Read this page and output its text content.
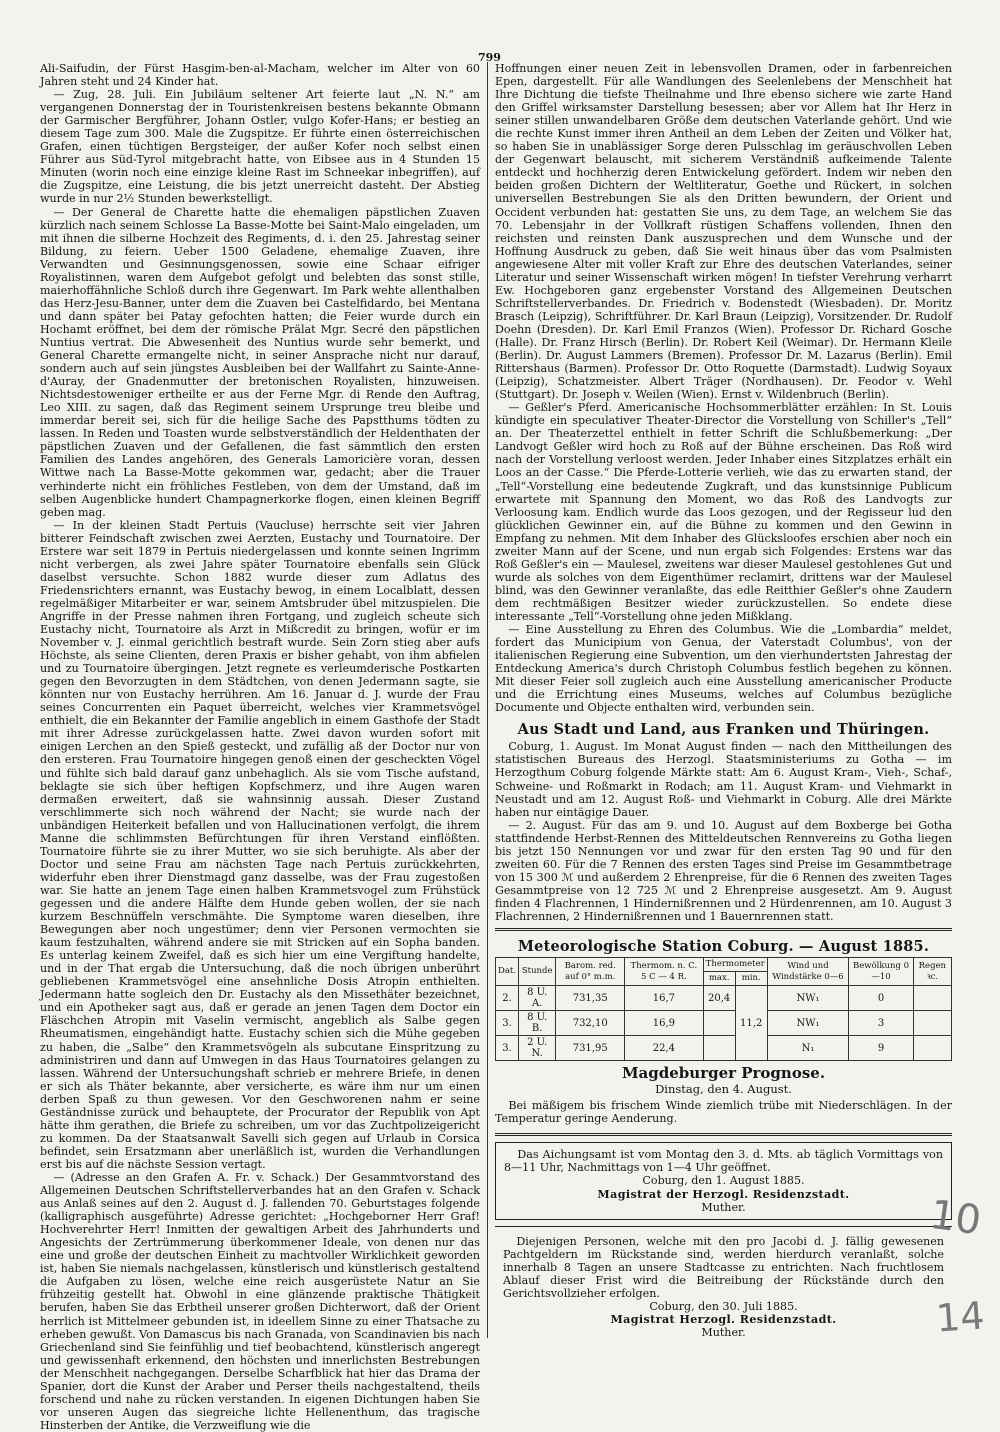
799

Ali-Saifudin, der Fürst Hasgim-ben-al-Macham, welcher im Alter von 60 Jahren steht und 24 Kinder hat.

— Zug, 28. Juli. Ein Jubiläum seltener Art feierte laut „N. N.“ am vergangenen Donnerstag der in Touristenkreisen bestens bekannte Obmann der Garmischer Bergführer, Johann Ostler, vulgo Kofer-Hans; er bestieg an diesem Tage zum 300. Male die Zugspitze. Er führte einen österreichischen Grafen, einen tüchtigen Bergsteiger, der außer Kofer noch selbst einen Führer aus Süd-Tyrol mitgebracht hatte, von Eibsee aus in 4 Stunden 15 Minuten (worin noch eine einzige kleine Rast im Schneekar inbegriffen), auf die Zugspitze, eine Leistung, die bis jetzt unerreicht dasteht. Der Abstieg wurde in nur 2½ Stunden bewerkstelligt.

— Der General de Charette hatte die ehemaligen päpstlichen Zuaven kürzlich nach seinem Schlosse La Basse-Motte bei Saint-Malo eingeladen, um mit ihnen die silberne Hochzeit des Regiments, d. i. den 25. Jahrestag seiner Bildung, zu feiern. Ueber 1500 Geladene, ehemalige Zuaven, ihre Verwandten und Gesinnungsgenossen, sowie eine Schaar eifriger Royalistinnen, waren dem Aufgebot gefolgt und belebten das sonst stille, maierhoffähnliche Schloß durch ihre Gegenwart. Im Park wehte allenthalben das Herz-Jesu-Banner, unter dem die Zuaven bei Castelfidardo, bei Mentana und dann später bei Patay gefochten hatten; die Feier wurde durch ein Hochamt eröffnet, bei dem der römische Prälat Mgr. Secré den päpstlichen Nuntius vertrat. Die Abwesenheit des Nuntius wurde sehr bemerkt, und General Charette ermangelte nicht, in seiner Ansprache nicht nur darauf, sondern auch auf sein jüngstes Ausbleiben bei der Wallfahrt zu Sainte-Anne-d'Auray, der Gnadenmutter der bretonischen Royalisten, hinzuweisen. Nichtsdestoweniger ertheilte er aus der Ferne Mgr. di Rende den Auftrag, Leo XIII. zu sagen, daß das Regiment seinem Ursprunge treu bleibe und immerdar bereit sei, sich für die heilige Sache des Papstthums tödten zu lassen. In Reden und Toasten wurde selbstverständlich der Heldenthaten der päpstlichen Zuaven und der Gefallenen, die fast sämmtlich den ersten Familien des Landes angehören, des Generals Lamoricière voran, dessen Wittwe nach La Basse-Motte gekommen war, gedacht; aber die Trauer verhinderte nicht ein fröhliches Festleben, von dem der Umstand, daß im selben Augenblicke hundert Champagnerkorke flogen, einen kleinen Begriff geben mag.

— In der kleinen Stadt Pertuis (Vaucluse) herrschte seit vier Jahren bitterer Feindschaft zwischen zwei Aerzten, Eustachy und Tournatoire. Der Erstere war seit 1879 in Pertuis niedergelassen und konnte seinen Ingrimm nicht verbergen, als zwei Jahre später Tournatoire ebenfalls sein Glück daselbst versuchte. Schon 1882 wurde dieser zum Adlatus des Friedensrichters ernannt, was Eustachy bewog, in einem Localblatt, dessen regelmäßiger Mitarbeiter er war, seinem Amtsbruder übel mitzuspielen. Die Angriffe in der Presse nahmen ihren Fortgang, und zugleich scheute sich Eustachy nicht, Tournatoire als Arzt in Mißcredit zu bringen, wofür er im November v. J. einmal gerichtlich bestraft wurde. Sein Zorn stieg aber aufs Höchste, als seine Clienten, deren Praxis er bisher gehabt, von ihm abfielen und zu Tournatoire übergingen. Jetzt regnete es verleumderische Postkarten gegen den Bevorzugten in dem Städtchen, von denen Jedermann sagte, sie könnten nur von Eustachy herrühren. Am 16. Januar d. J. wurde der Frau seines Concurrenten ein Paquet überreicht, welches vier Krammetsvögel enthielt, die ein Bekannter der Familie angeblich in einem Gasthofe der Stadt mit ihrer Adresse zurückgelassen hatte. Zwei davon wurden sofort mit einigen Lerchen an den Spieß gesteckt, und zufällig aß der Doctor nur von den ersteren. Frau Tournatoire hingegen genoß einen der gescheckten Vögel und fühlte sich bald darauf ganz unbehaglich. Als sie vom Tische aufstand, beklagte sie sich über heftigen Kopfschmerz, und ihre Augen waren dermaßen erweitert, daß sie wahnsinnig aussah. Dieser Zustand verschlimmerte sich noch während der Nacht; sie wurde nach der unbändigen Heiterkeit befallen und von Hallucinationen verfolgt, die ihrem Manne die schlimmsten Befürchtungen für ihren Verstand einflößten. Tournatoire führte sie zu ihrer Mutter, wo sie sich beruhigte. Als aber der Doctor und seine Frau am nächsten Tage nach Pertuis zurückkehrten, widerfuhr eben ihrer Dienstmagd ganz dasselbe, was der Frau zugestoßen war. Sie hatte an jenem Tage einen halben Krammetsvogel zum Frühstück gegessen und die andere Hälfte dem Hunde geben wollen, der sie nach kurzem Beschnüffeln verschmähte. Die Symptome waren dieselben, ihre Bewegungen aber noch ungestümer; denn vier Personen vermochten sie kaum festzuhalten, während andere sie mit Stricken auf ein Sopha banden. Es unterlag keinem Zweifel, daß es sich hier um eine Vergiftung handelte, und in der That ergab die Untersuchung, daß die noch übrigen unberührt gebliebenen Krammetsvögel eine ansehnliche Dosis Atropin enthielten. Jedermann hatte sogleich den Dr. Eustachy als den Missethäter bezeichnet, und ein Apotheker sagt aus, daß er gerade an jenen Tagen dem Doctor ein Fläschchen Atropin mit Vaselin vermischt, angeblich als Salbe gegen Rheumatismen, eingehändigt hatte. Eustachy schien sich die Mühe gegeben zu haben, die „Salbe“ den Krammetsvögeln als subcutane Einspritzung zu administriren und dann auf Umwegen in das Haus Tournatoires gelangen zu lassen. Während der Untersuchungshaft schrieb er mehrere Briefe, in denen er sich als Thäter bekannte, aber versicherte, es wäre ihm nur um einen derben Spaß zu thun gewesen. Vor den Geschworenen nahm er seine Geständnisse zurück und behauptete, der Procurator der Republik von Apt hätte ihm gerathen, die Briefe zu schreiben, um vor das Zuchtpolizeigericht zu kommen. Da der Staatsanwalt Savelli sich gegen auf Urlaub in Corsica befindet, sein Ersatzmann aber unerläßlich ist, wurden die Verhandlungen erst bis auf die nächste Session vertagt.

— (Adresse an den Grafen A. Fr. v. Schack.) Der Gesammtvorstand des Allgemeinen Deutschen Schriftstellerverbandes hat an den Grafen v. Schack aus Anlaß seines auf den 2. August d. J. fallenden 70. Geburtstages folgende (kalligraphisch ausgeführte) Adresse gerichtet: „Hochgeborner Herr Graf! Hochverehrter Herr! Inmitten der gewaltigen Arbeit des Jahrhunderts und Angesichts der Zertrümmerung überkommener Ideale, von denen nur das eine und große der deutschen Einheit zu machtvoller Wirklichkeit geworden ist, haben Sie niemals nachgelassen, künstlerisch und künstlerisch gestaltend die Aufgaben zu lösen, welche eine reich ausgerüstete Natur an Sie frühzeitig gestellt hat. Obwohl in eine glänzende praktische Thätigkeit berufen, haben Sie das Erbtheil unserer großen Dichterwort, daß der Orient herrlich ist Mittelmeer gebunden ist, in ideellem Sinne zu einer Thatsache zu erheben gewußt. Von Damascus bis nach Granada, von Scandinavien bis nach Griechenland sind Sie feinfühlig und tief beobachtend, künstlerisch angeregt und gewissenhaft erkennend, den höchsten und innerlichsten Bestrebungen der Menschheit nachgegangen. Derselbe Scharfblick hat hier das Drama der Spanier, dort die Kunst der Araber und Perser theils nachgestaltend, theils forschend und nahe zu rücken verstanden. In eigenen Dichtungen haben Sie vor unseren Augen das siegreiche lichte Hellenenthum, das tragische Hinsterben der Antike, die Verzweiflung wie die

Hoffnungen einer neuen Zeit in lebensvollen Dramen, oder in farbenreichen Epen, dargestellt. Für alle Wandlungen des Seelenlebens der Menschheit hat Ihre Dichtung die tiefste Theilnahme und Ihre ebenso sichere wie zarte Hand den Griffel wirksamster Darstellung besessen; aber vor Allem hat Ihr Herz in seiner stillen unwandelbaren Größe dem deutschen Vaterlande gehört. Und wie die rechte Kunst immer ihren Antheil an dem Leben der Zeiten und Völker hat, so haben Sie in unablässiger Sorge deren Pulsschlag im geräuschvollen Leben der Gegenwart belauscht, mit sicherem Verständniß aufkeimende Talente entdeckt und hochherzig deren Entwickelung gefördert. Indem wir neben den beiden großen Dichtern der Weltliteratur, Goethe und Rückert, in solchen universellen Bestrebungen Sie als den Dritten bewundern, der Orient und Occident verbunden hat: gestatten Sie uns, zu dem Tage, an welchem Sie das 70. Lebensjahr in der Vollkraft rüstigen Schaffens vollenden, Ihnen den reichsten und reinsten Dank auszusprechen und dem Wunsche und der Hoffnung Ausdruck zu geben, daß Sie weit hinaus über das vom Psalmisten angewiesene Alter mit voller Kraft zur Ehre des deutschen Vaterlandes, seiner Literatur und seiner Wissenschaft wirken mögen! In tiefster Verehrung verharrt Ew. Hochgeboren ganz ergebenster Vorstand des Allgemeinen Deutschen Schriftstellerverbandes. Dr. Friedrich v. Bodenstedt (Wiesbaden). Dr. Moritz Brasch (Leipzig), Schriftführer. Dr. Karl Braun (Leipzig), Vorsitzender. Dr. Rudolf Doehn (Dresden). Dr. Karl Emil Franzos (Wien). Professor Dr. Richard Gosche (Halle). Dr. Franz Hirsch (Berlin). Dr. Robert Keil (Weimar). Dr. Hermann Kleile (Berlin). Dr. August Lammers (Bremen). Professor Dr. M. Lazarus (Berlin). Emil Rittershaus (Barmen). Professor Dr. Otto Roquette (Darmstadt). Ludwig Soyaux (Leipzig), Schatzmeister. Albert Träger (Nordhausen). Dr. Feodor v. Wehl (Stuttgart). Dr. Joseph v. Weilen (Wien). Ernst v. Wildenbruch (Berlin).

— Geßler's Pferd. Americanische Hochsommerblätter erzählen: In St. Louis kündigte ein speculativer Theater-Director die Vorstellung von Schiller's „Tell“ an. Der Theaterzettel enthielt in fetter Schrift die Schlußbemerkung: „Der Landvogt Geßler wird hoch zu Roß auf der Bühne erscheinen. Das Roß wird nach der Vorstellung verloost werden. Jeder Inhaber eines Sitzplatzes erhält ein Loos an der Casse.“ Die Pferde-Lotterie verlieh, wie das zu erwarten stand, der „Tell“-Vorstellung eine bedeutende Zugkraft, und das kunstsinnige Publicum erwartete mit Spannung den Moment, wo das Roß des Landvogts zur Verloosung kam. Endlich wurde das Loos gezogen, und der Regisseur lud den glücklichen Gewinner ein, auf die Bühne zu kommen und den Gewinn in Empfang zu nehmen. Mit dem Inhaber des Glücksloofes erschien aber noch ein zweiter Mann auf der Scene, und nun ergab sich Folgendes: Erstens war das Roß Geßler's ein — Maulesel, zweitens war dieser Maulesel gestohlenes Gut und wurde als solches von dem Eigenthümer reclamirt, drittens war der Maulesel blind, was den Gewinner veranlaßte, das edle Reitthier Geßler's ohne Zaudern dem rechtmäßigen Besitzer wieder zurückzustellen. So endete diese interessante „Tell“-Vorstellung ohne jeden Mißklang.

— Eine Ausstellung zu Ehren des Columbus. Wie die „Lombardia“ meldet, fordert das Municipium von Genua, der Vaterstadt Columbus', von der italienischen Regierung eine Subvention, um den vierhundertsten Jahrestag der Entdeckung America's durch Christoph Columbus festlich begehen zu können. Mit dieser Feier soll zugleich auch eine Ausstellung americanischer Producte und die Errichtung eines Museums, welches auf Columbus bezügliche Documente und Objecte enthalten wird, verbunden sein.

Aus Stadt und Land, aus Franken und Thüringen.

Coburg, 1. August. Im Monat August finden — nach den Mittheilungen des statistischen Bureaus des Herzogl. Staatsministeriums zu Gotha — im Herzogthum Coburg folgende Märkte statt: Am 6. August Kram-, Vieh-, Schaf-, Schweine- und Roßmarkt in Rodach; am 11. August Kram- und Viehmarkt in Neustadt und am 12. August Roß- und Viehmarkt in Coburg. Alle drei Märkte haben nur eintägige Dauer.

— 2. August. Für das am 9. und 10. August auf dem Boxberge bei Gotha stattfindende Herbst-Rennen des Mitteldeutschen Rennvereins zu Gotha liegen bis jetzt 150 Nennungen vor und zwar für den ersten Tag 90 und für den zweiten 60. Für die 7 Rennen des ersten Tages sind Preise im Gesammtbetrage von 15 300 ℳ und außerdem 2 Ehrenpreise, für die 6 Rennen des zweiten Tages Gesammtpreise von 12 725 ℳ und 2 Ehrenpreise ausgesetzt. Am 9. August finden 4 Flachrennen, 1 Hindernißrennen und 2 Hürdenrennen, am 10. August 3 Flachrennen, 2 Hindernißrennen und 1 Bauernrennen statt.

Meteorologische Station Coburg. — August 1885.
Dat.	Stunde	Barom. red. auf 0° m.m.	Thermom. n. C. 5 C — 4 R.	Thermometer		Wind und Windstärke 0—6	Bewölkung 0—10	Regen ꝛc.
				max.	min.			
2.	8 U. A.	731,35	16,7	20,4	11,2	NW₁	0	
3.	8 U. B.	732,10	16,9			NW₁	3	
3.	2 U. N.	731,95	22,4			N₁	9	
Magdeburger Prognose.
Dinstag, den 4. August.

Bei mäßigem bis frischem Winde ziemlich trübe mit Niederschlägen. In der Temperatur geringe Aenderung.

Das Aichungsamt ist vom Montag den 3. d. Mts. ab täglich Vormittags von 8—11 Uhr, Nachmittags von 1—4 Uhr geöffnet.

Coburg, den 1. August 1885.
Magistrat der Herzogl. Residenzstadt.
Muther.

Diejenigen Personen, welche mit den pro Jacobi d. J. fällig gewesenen Pachtgeldern im Rückstande sind, werden hierdurch veranlaßt, solche innerhalb 8 Tagen an unsere Stadtcasse zu entrichten. Nach fruchtlosem Ablauf dieser Frist wird die Beitreibung der Rückstände durch den Gerichtsvollzieher erfolgen.

Coburg, den 30. Juli 1885.
Magistrat Herzogl. Residenzstadt.
Muther.
10
14
